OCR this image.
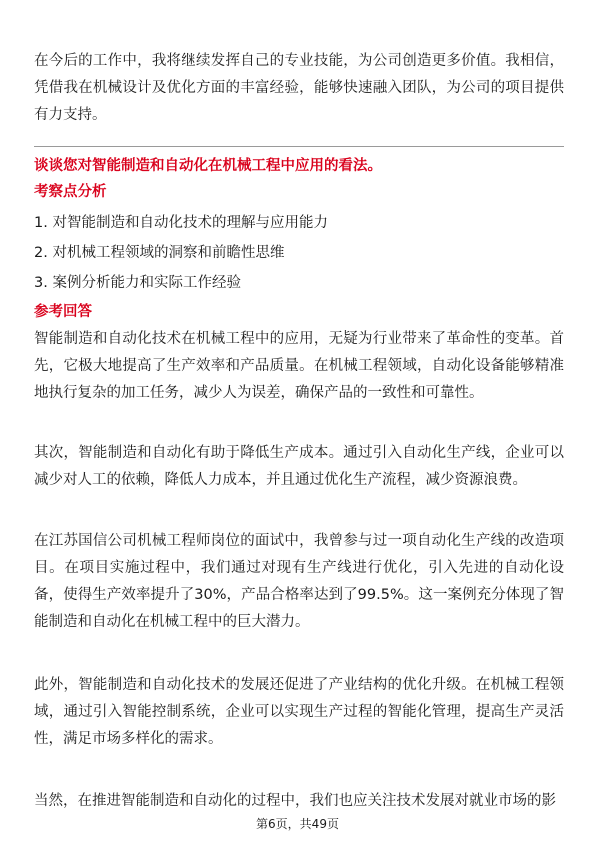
在今后的工作中，我将继续发挥自己的专业技能，为公司创造更多价值。我相信，凭借我在机械设计及优化方面的丰富经验，能够快速融入团队，为公司的项目提供有力支持。

谈谈您对智能制造和自动化在机械工程中应用的看法。

考察点分析

1. 对智能制造和自动化技术的理解与应用能力
2. 对机械工程领域的洞察和前瞻性思维
3. 案例分析能力和实际工作经验

参考回答

智能制造和自动化技术在机械工程中的应用，无疑为行业带来了革命性的变革。首先，它极大地提高了生产效率和产品质量。在机械工程领域，自动化设备能够精准地执行复杂的加工任务，减少人为误差，确保产品的一致性和可靠性。

其次，智能制造和自动化有助于降低生产成本。通过引入自动化生产线，企业可以减少对人工的依赖，降低人力成本，并且通过优化生产流程，减少资源浪费。

在江苏国信公司机械工程师岗位的面试中，我曾参与过一项自动化生产线的改造项目。在项目实施过程中，我们通过对现有生产线进行优化，引入先进的自动化设备，使得生产效率提升了30%，产品合格率达到了99.5%。这一案例充分体现了智能制造和自动化在机械工程中的巨大潜力。

此外，智能制造和自动化技术的发展还促进了产业结构的优化升级。在机械工程领域，通过引入智能控制系统，企业可以实现生产过程的智能化管理，提高生产灵活性，满足市场多样化的需求。

当然，在推进智能制造和自动化的过程中，我们也应关注技术发展对就业市场的影

第6页，共49页
